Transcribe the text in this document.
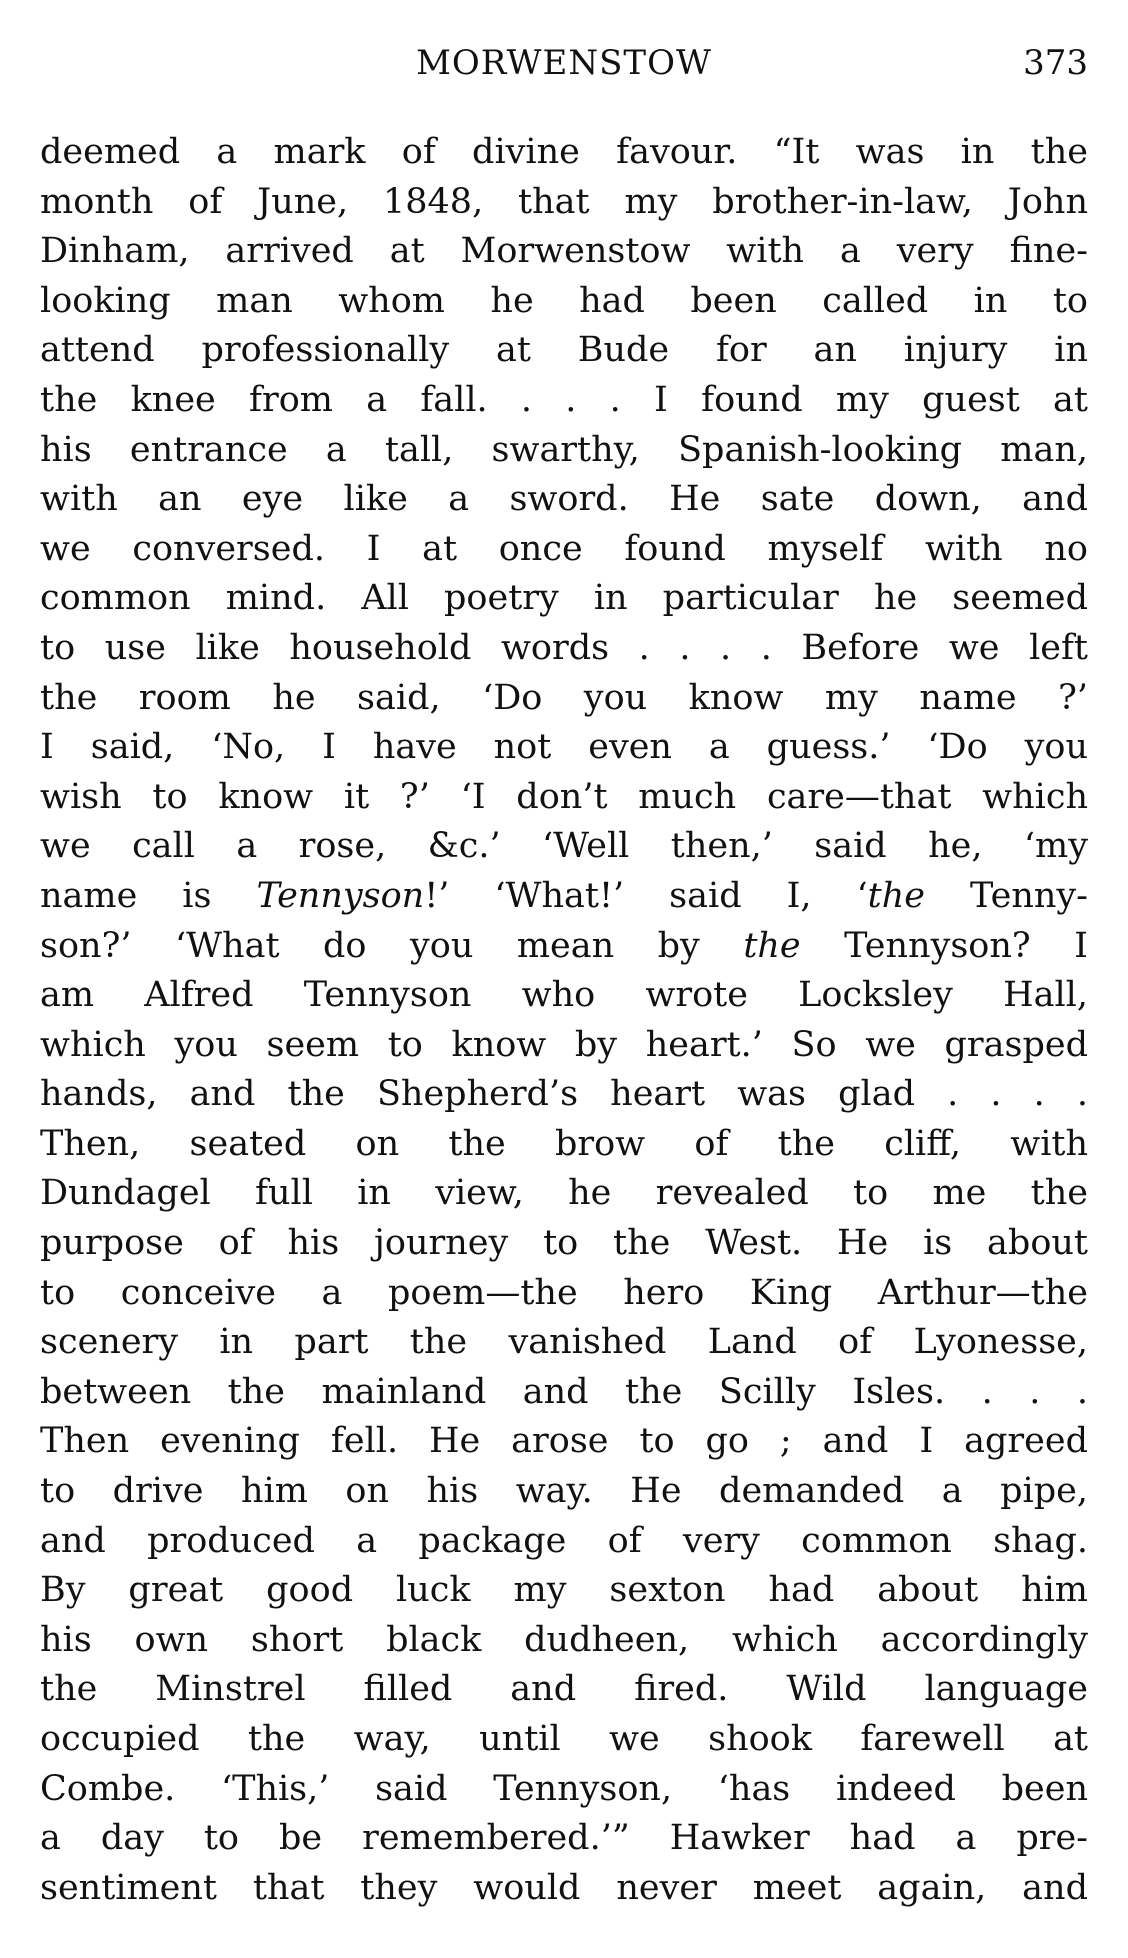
MORWENSTOW	373
deemed a mark of divine favour. “It was in the
month of June, 1848, that my brother-in-law, John
Dinham, arrived at Morwenstow with a very fine-
looking man whom he had been called in to
attend professionally at Bude for an injury in
the knee from a fall. . . . I found my guest at
his entrance a tall, swarthy, Spanish-looking man,
with an eye like a sword. He sate down, and
we conversed. I at once found myself with no
common mind. All poetry in particular he seemed
to use like household words . . . . Before we left
the room he said, ‘Do you know my name ?’
I said, ‘No, I have not even a guess.’ ‘Do you
wish to know it ?’ ‘I don’t much care—that which
we call a rose, &c.’ ‘Well then,’ said he, ‘my
name is Tennyson!’ ‘What!’ said I, ‘the Tenny-
son?’ ‘What do you mean by the Tennyson? I
am Alfred Tennyson who wrote Locksley Hall,
which you seem to know by heart.’ So we grasped
hands, and the Shepherd’s heart was glad . . . .
Then, seated on the brow of the cliff, with
Dundagel full in view, he revealed to me the
purpose of his journey to the West. He is about
to conceive a poem—the hero King Arthur—the
scenery in part the vanished Land of Lyonesse,
between the mainland and the Scilly Isles. . . .
Then evening fell. He arose to go ; and I agreed
to drive him on his way. He demanded a pipe,
and produced a package of very common shag.
By great good luck my sexton had about him
his own short black dudheen, which accordingly
the Minstrel filled and fired. Wild language
occupied the way, until we shook farewell at
Combe. ‘This,’ said Tennyson, ‘has indeed been
a day to be remembered.’” Hawker had a pre-
sentiment that they would never meet again, and
